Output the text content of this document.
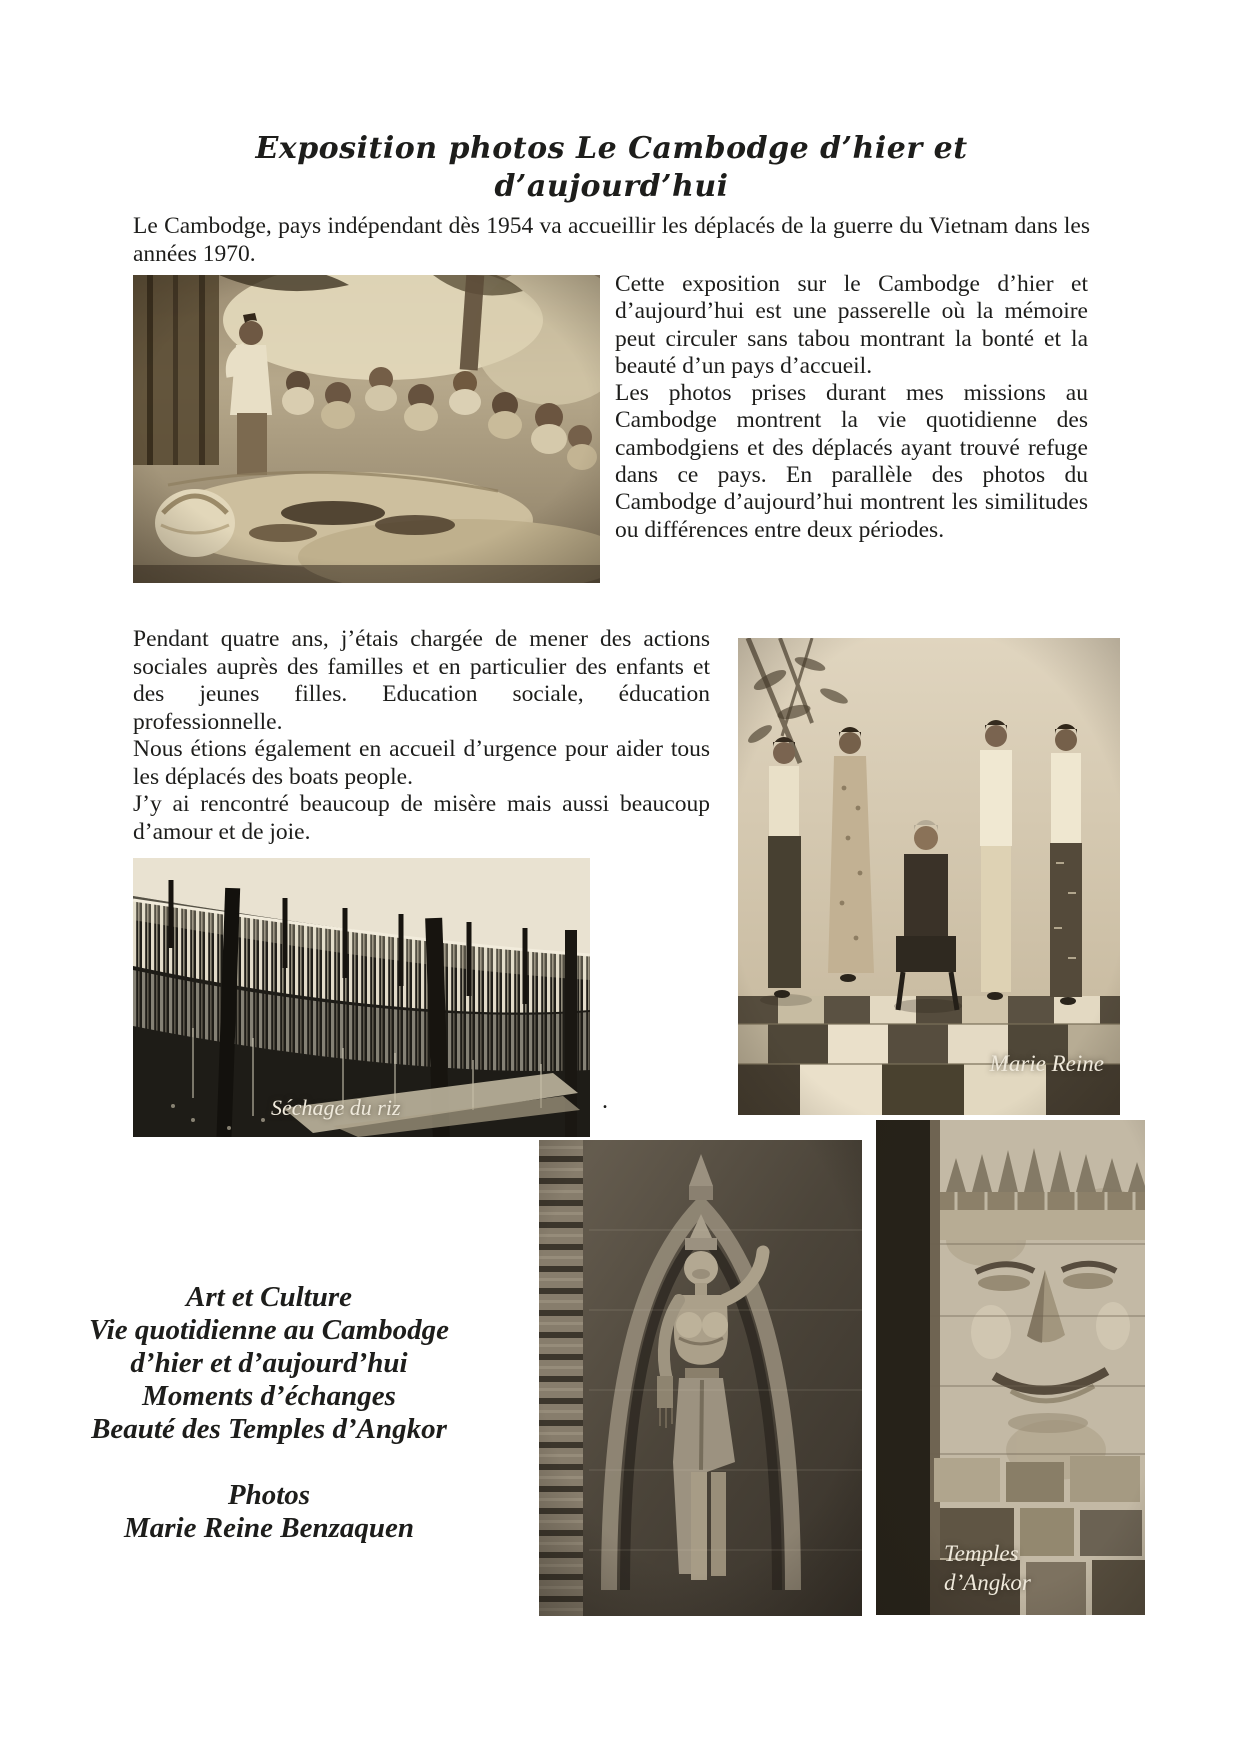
Exposition photos Le Cambodge d’hier et d’aujourd’hui

Le Cambodge, pays indépendant dès 1954 va accueillir les déplacés de la guerre du Vietnam dans les années 1970.

Cette exposition sur le Cambodge d’hier et d’aujourd’hui est une passerelle où la mémoire peut circuler sans tabou montrant la bonté et la beauté d’un pays d’accueil.

Les photos prises durant mes missions au Cambodge montrent la vie quotidienne des cambodgiens et des déplacés ayant trouvé refuge dans ce pays. En parallèle des photos du Cambodge d’aujourd’hui montrent les similitudes ou différences entre deux périodes.

Pendant quatre ans, j’étais chargée de mener des actions sociales auprès des familles et en particulier des enfants et des jeunes filles. Education sociale, éducation professionnelle.

Nous étions également en accueil d’urgence pour aider tous les déplacés des boats people.

J’y ai rencontré beaucoup de misère mais aussi beaucoup d’amour et de joie.

Marie Reine
Séchage du riz	.
Temples
d’Angkor
Art et Culture
Vie quotidienne au Cambodge
d’hier et d’aujourd’hui
Moments d’échanges
Beauté des Temples d’Angkor
Photos
Marie Reine Benzaquen
